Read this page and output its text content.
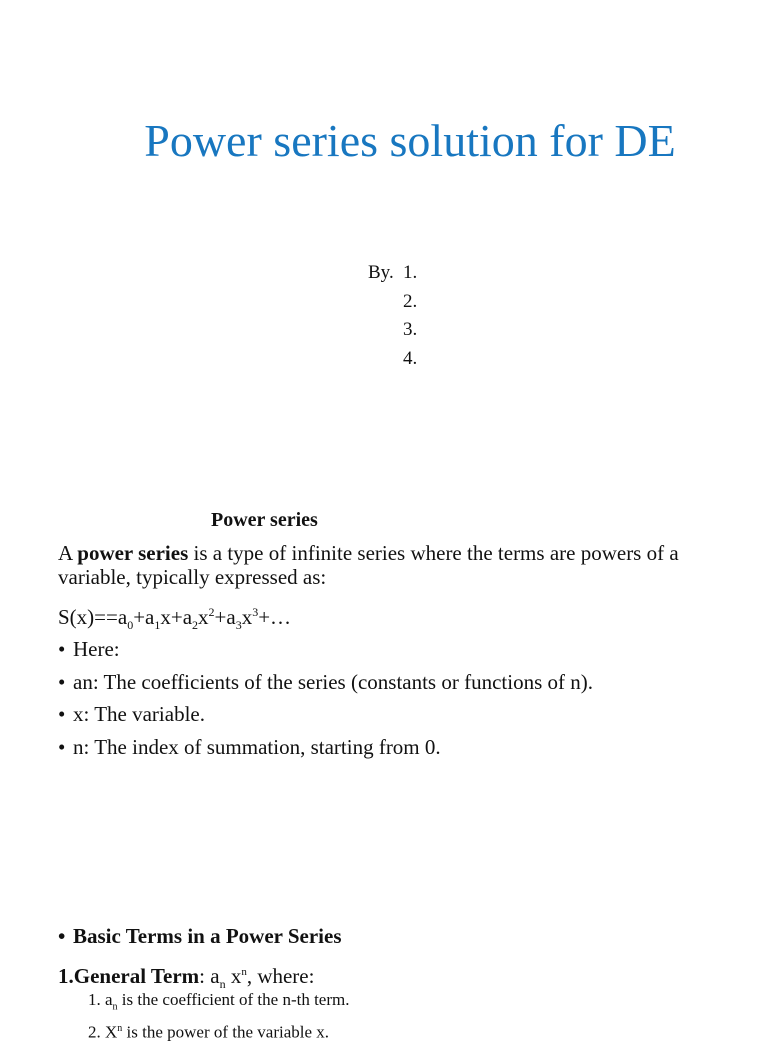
Power series solution for DE
By. 1.
2.
3.
4.
Power series

A power series is a type of infinite series where the terms are powers of a variable, typically expressed as:

$S(x)==a_0+a_1x+a_2x^2+a_3x^3+\dots$
• Here:
• an: The coefficients of the series (constants or functions of n).
• x: The variable.
• n: The index of summation, starting from 0.
• Basic Terms in a Power Series
1.General Term: $a_n$ $x^n$, where:
1. $a_n$ is the coefficient of the n-th term.
2. $X^n$ is the power of the variable x.
